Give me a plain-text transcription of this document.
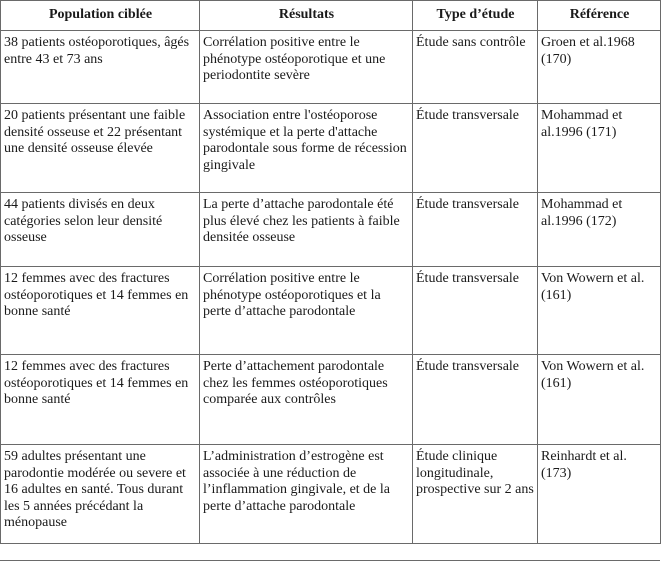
Population ciblée	Résultats	Type d’étude	Référence
38 patients ostéoporotiques, âgés entre 43 et 73 ans	Corrélation positive entre le phénotype ostéoporotique et une periodontite sevère	Étude sans contrôle	Groen et al.1968 (170)
20 patients présentant une faible densité osseuse et 22 présentant une densité osseuse élevée	Association entre l'ostéoporose systémique et la perte d'attache parodontale sous forme de récession gingivale	Étude transversale	Mohammad et al.1996 (171)
44 patients divisés en deux catégories selon leur densité osseuse	La perte d’attache parodontale été plus élevé chez les patients à faible densitée osseuse	Étude transversale	Mohammad et al.1996 (172)
12 femmes avec des fractures ostéoporotiques et 14 femmes en bonne santé	Corrélation positive entre le phénotype ostéoporotiques et la perte d’attache parodontale	Étude transversale	Von Wowern et al. (161)
12 femmes avec des fractures ostéoporotiques et 14 femmes en bonne santé	Perte d’attachement parodontale chez les femmes ostéoporotiques comparée aux contrôles	Étude transversale	Von Wowern et al. (161)
59 adultes présentant une parodontie modérée ou severe et 16 adultes en santé. Tous durant les 5 années précédant la ménopause	L’administration d’estrogène est associée à une réduction de l’inflammation gingivale, et de la perte d’attache parodontale	Étude clinique longitudinale, prospective sur 2 ans	Reinhardt et al. (173)
